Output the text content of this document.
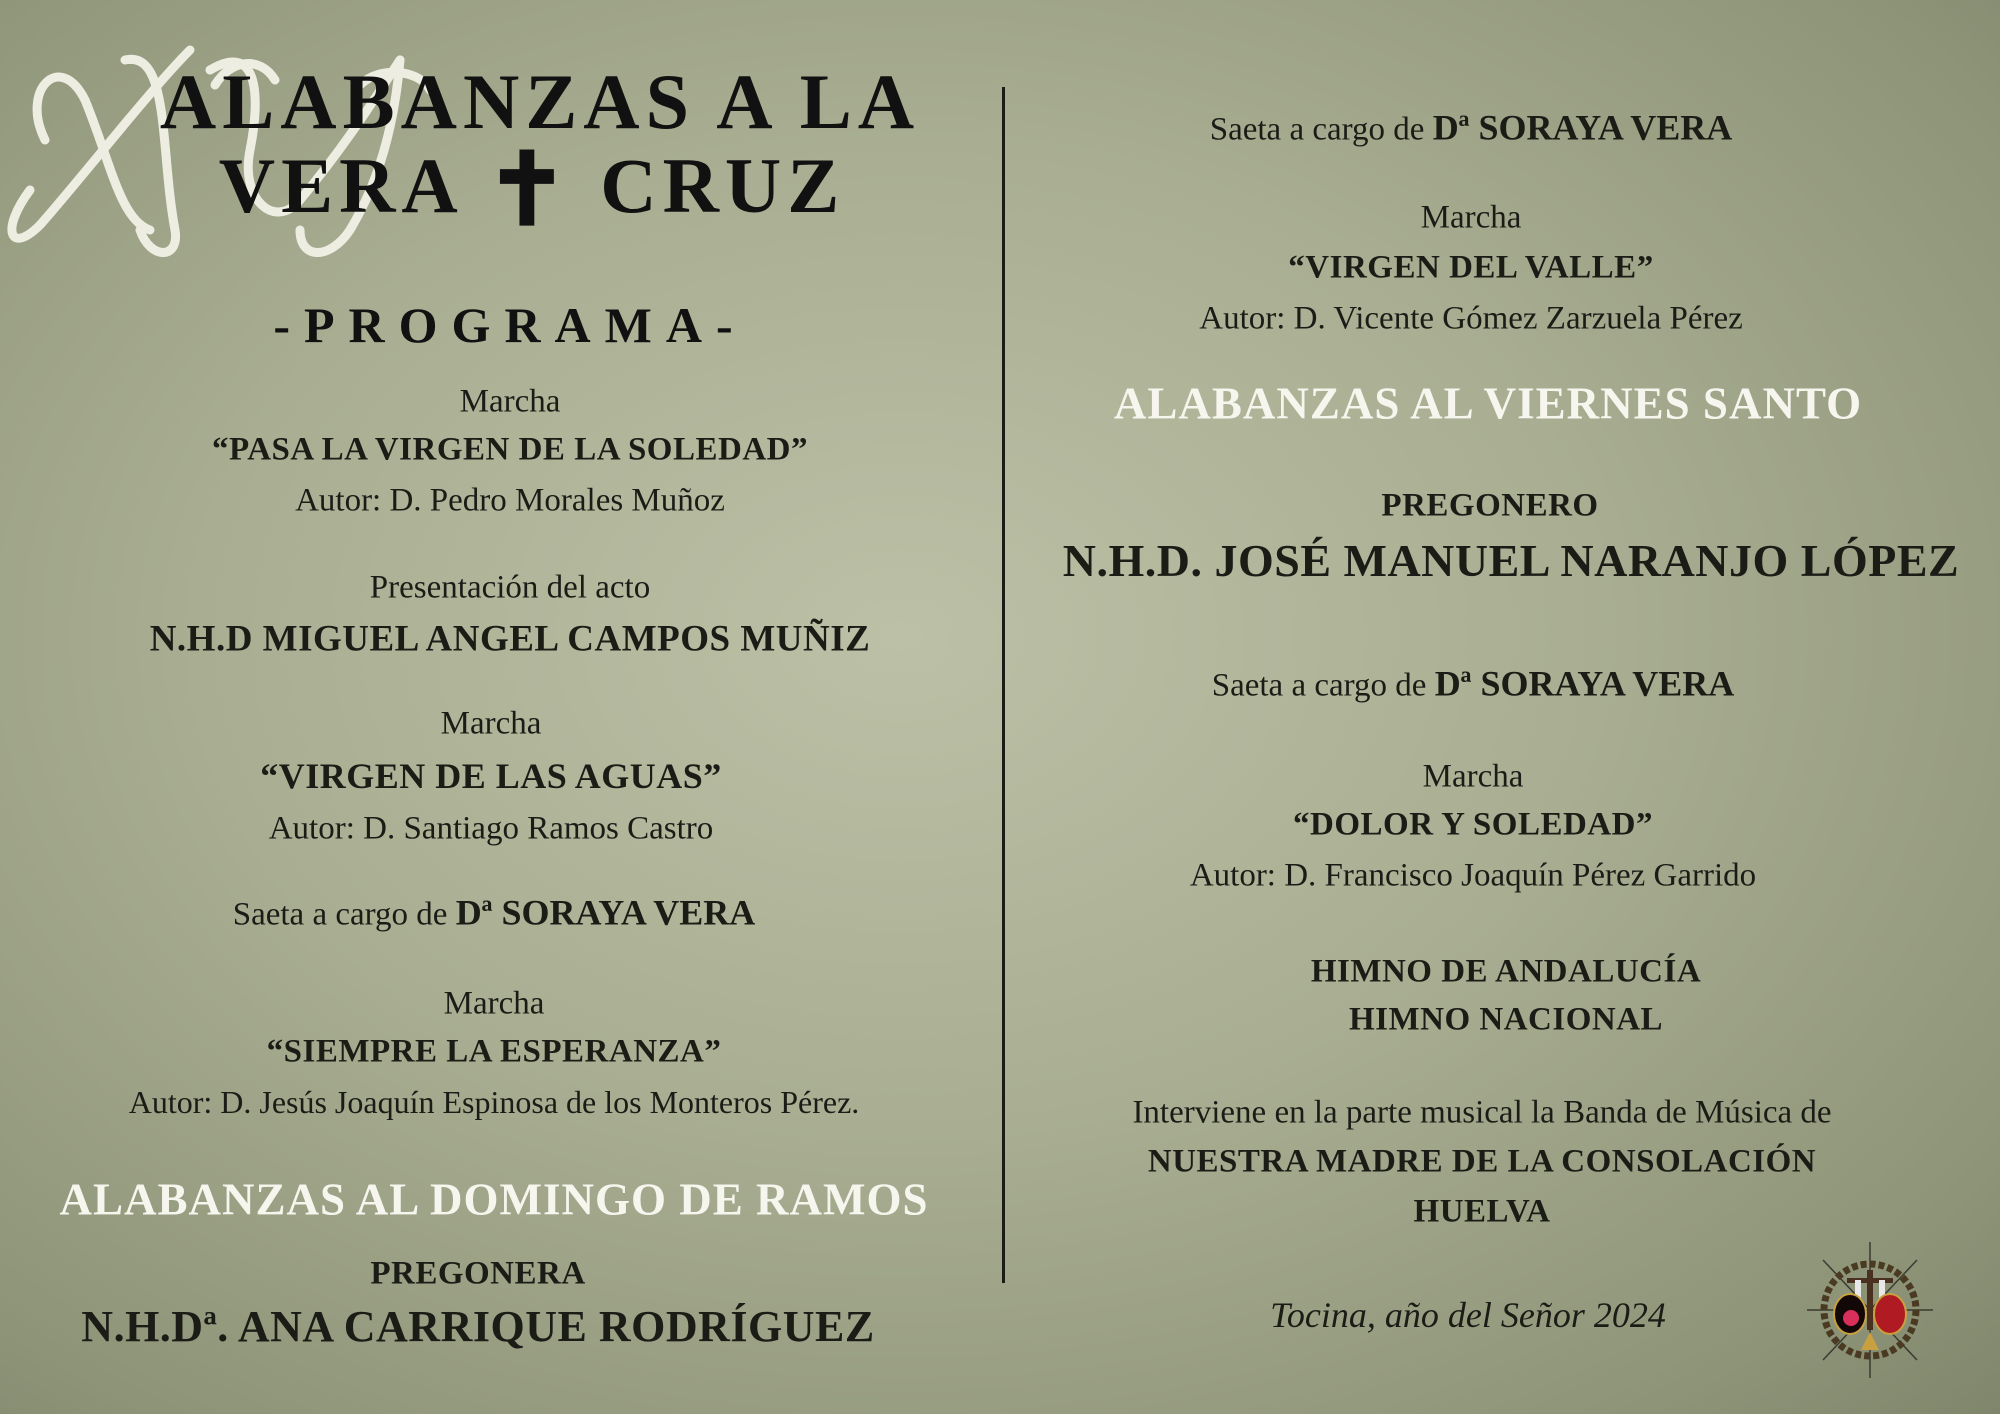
ALABANZAS A LA
VERA ✝ CRUZ
-PROGRAMA-
Marcha
“PASA LA VIRGEN DE LA SOLEDAD”
Autor: D. Pedro Morales Muñoz
Presentación del acto
N.H.D MIGUEL ANGEL CAMPOS MUÑIZ
Marcha
“VIRGEN DE LAS AGUAS”
Autor: D. Santiago Ramos Castro
Saeta a cargo de Dª SORAYA VERA
Marcha
“SIEMPRE LA ESPERANZA”
Autor: D. Jesús Joaquín Espinosa de los Monteros Pérez.
ALABANZAS AL DOMINGO DE RAMOS
PREGONERA
N.H.Dª. ANA CARRIQUE RODRÍGUEZ
Saeta a cargo de Dª SORAYA VERA
Marcha
“VIRGEN DEL VALLE”
Autor: D. Vicente Gómez Zarzuela Pérez
ALABANZAS AL VIERNES SANTO
PREGONERO
N.H.D. JOSÉ MANUEL NARANJO LÓPEZ
Saeta a cargo de Dª SORAYA VERA
Marcha
“DOLOR Y SOLEDAD”
Autor: D. Francisco Joaquín Pérez Garrido
HIMNO DE ANDALUCÍA
HIMNO NACIONAL
Interviene en la parte musical la Banda de Música de
NUESTRA MADRE DE LA CONSOLACIÓN
HUELVA
Tocina, año del Señor 2024
